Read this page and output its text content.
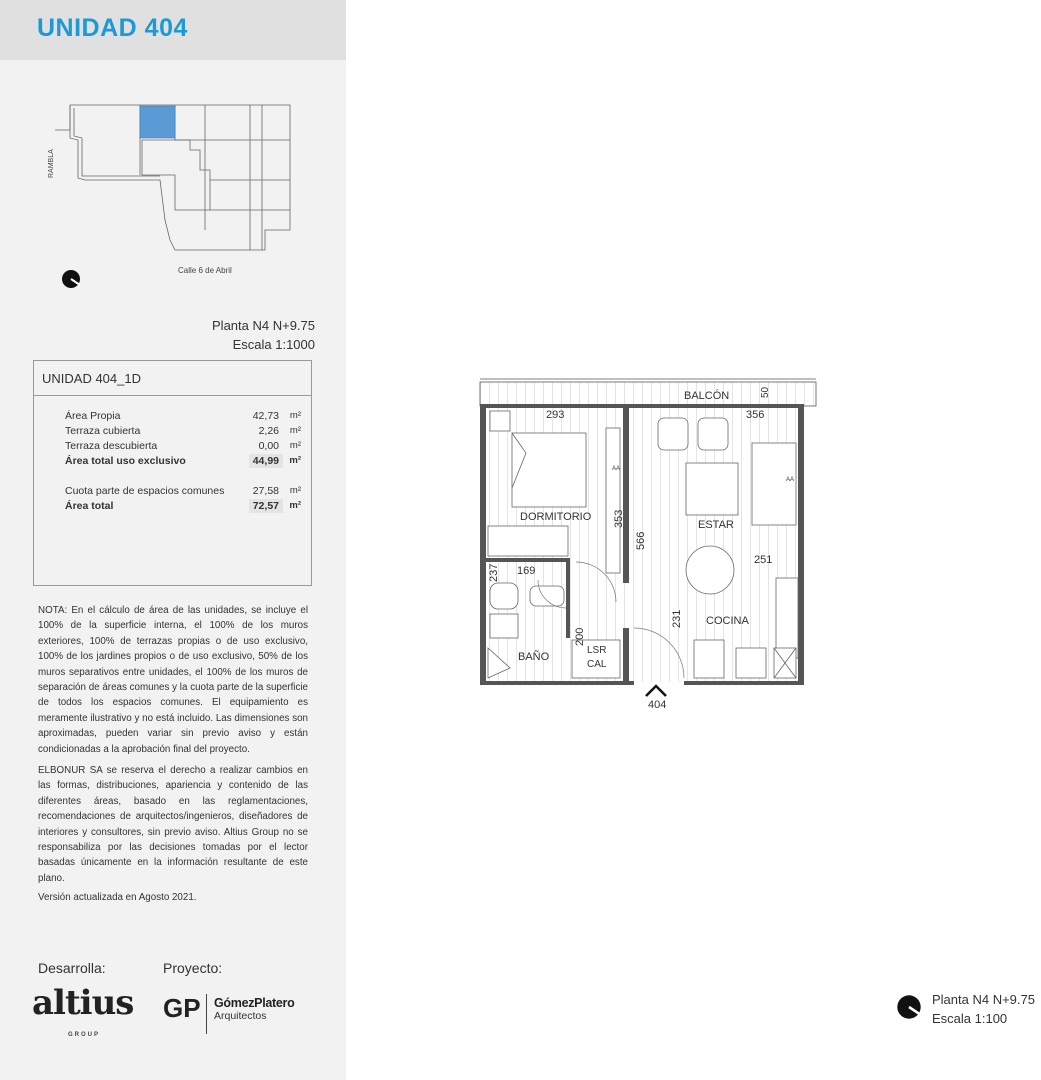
UNIDAD 404
RAMBLA
Calle 6 de Abril
Planta N4 N+9.75
Escala 1:1000
UNIDAD 404_1D
Área Propia	42,73 m²
Terraza cubierta	2,26 m²
Terraza descubierta	0,00 m²
Área total uso exclusivo	44,99	m²
Cuota parte de espacios comunes	27,58 m²
Área total	72,57	m²
NOTA: En el cálculo de área de las unidades, se incluye el 100% de la superficie interna, el 100% de los muros exteriores, 100% de terrazas propias o de uso exclusivo, 100% de los jardines propios o de uso exclusivo, 50% de los muros separativos entre unidades, el 100% de los muros de separación de áreas comunes y la cuota parte de la superficie de todos los espacios comunes. El equipamiento es meramente ilustrativo y no está incluido. Las dimensiones son aproximadas, pueden variar sin previo aviso y están condicionadas a la aprobación final del proyecto.
ELBONUR SA se reserva el derecho a realizar cambios en las formas, distribuciones, apariencia y contenido de las diferentes áreas, basado en las reglamentaciones, recomendaciones de arquitectos/ingenieros, diseñadores de interiores y consultores, sin previo aviso. Altius Group no se responsabiliza por las decisiones tomadas por el lector basadas únicamente en la información resultante de este plano.
Versión actualizada en Agosto 2021.
Desarrolla:	Proyecto:
altius
GROUP
GP GómezPlatero
Arquitectos
BALCÓN	50
293	356
DORMITORIO
ESTAR
COCINA
BAÑO
LSR
CAL
AA
AA
353
566
251
231
237 169
200
404
Planta N4 N+9.75
Escala 1:100
